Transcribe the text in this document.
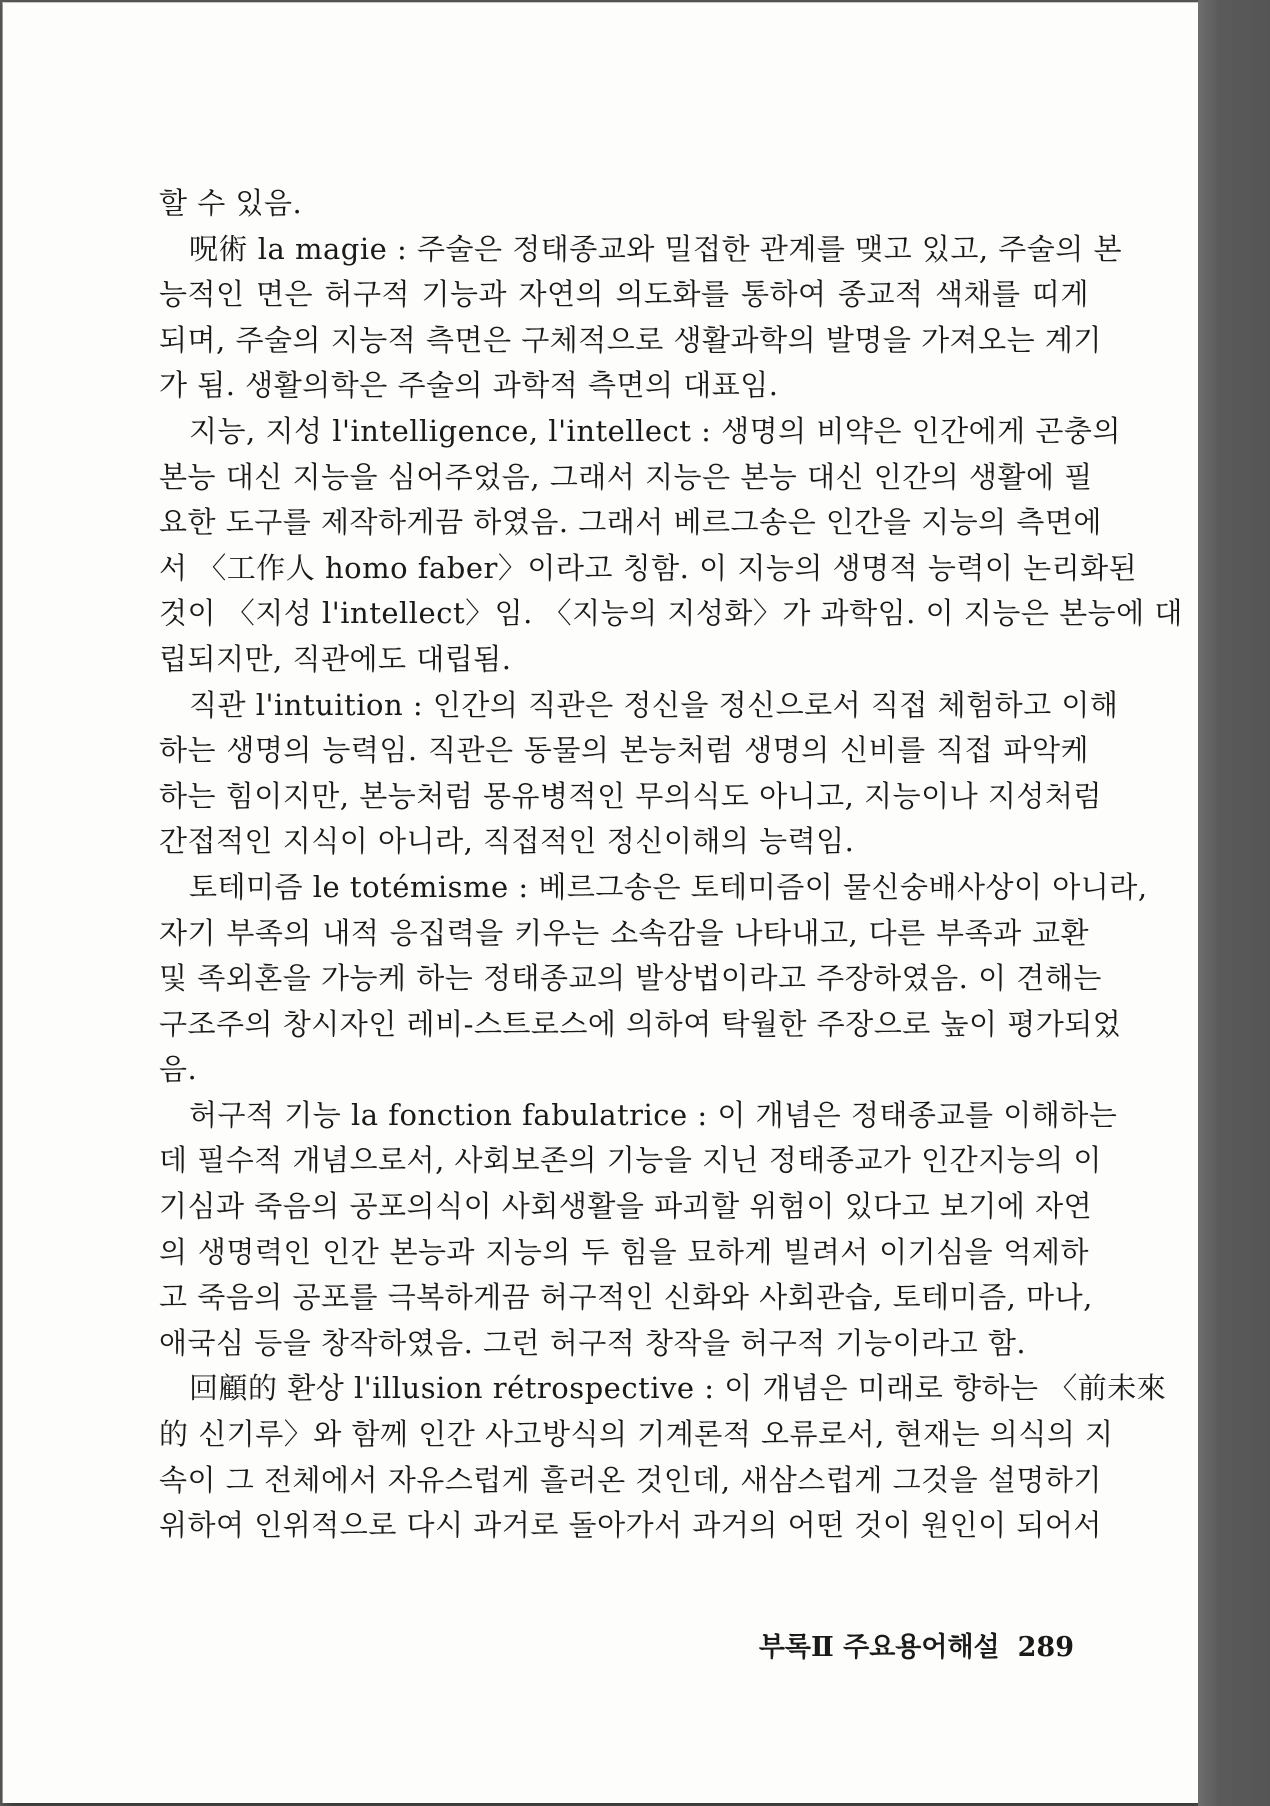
할 수 있음.
呪術 la magie : 주술은 정태종교와 밀접한 관계를 맺고 있고, 주술의 본
능적인 면은 허구적 기능과 자연의 의도화를 통하여 종교적 색채를 띠게
되며, 주술의 지능적 측면은 구체적으로 생활과학의 발명을 가져오는 계기
가 됨. 생활의학은 주술의 과학적 측면의 대표임.
지능, 지성 l'intelligence, l'intellect : 생명의 비약은 인간에게 곤충의
본능 대신 지능을 심어주었음, 그래서 지능은 본능 대신 인간의 생활에 필
요한 도구를 제작하게끔 하였음. 그래서 베르그송은 인간을 지능의 측면에
서 〈工作人 homo faber〉이라고 칭함. 이 지능의 생명적 능력이 논리화된
것이 〈지성 l'intellect〉임. 〈지능의 지성화〉가 과학임. 이 지능은 본능에 대
립되지만, 직관에도 대립됨.
직관 l'intuition : 인간의 직관은 정신을 정신으로서 직접 체험하고 이해
하는 생명의 능력임. 직관은 동물의 본능처럼 생명의 신비를 직접 파악케
하는 힘이지만, 본능처럼 몽유병적인 무의식도 아니고, 지능이나 지성처럼
간접적인 지식이 아니라, 직접적인 정신이해의 능력임.
토테미즘 le totémisme : 베르그송은 토테미즘이 물신숭배사상이 아니라,
자기 부족의 내적 응집력을 키우는 소속감을 나타내고, 다른 부족과 교환
및 족외혼을 가능케 하는 정태종교의 발상법이라고 주장하였음. 이 견해는
구조주의 창시자인 레비-스트로스에 의하여 탁월한 주장으로 높이 평가되었
음.
허구적 기능 la fonction fabulatrice : 이 개념은 정태종교를 이해하는
데 필수적 개념으로서, 사회보존의 기능을 지닌 정태종교가 인간지능의 이
기심과 죽음의 공포의식이 사회생활을 파괴할 위험이 있다고 보기에 자연
의 생명력인 인간 본능과 지능의 두 힘을 묘하게 빌려서 이기심을 억제하
고 죽음의 공포를 극복하게끔 허구적인 신화와 사회관습, 토테미즘, 마나,
애국심 등을 창작하였음. 그런 허구적 창작을 허구적 기능이라고 함.
回顧的 환상 l'illusion rétrospective : 이 개념은 미래로 향하는 〈前未來
的 신기루〉와 함께 인간 사고방식의 기계론적 오류로서, 현재는 의식의 지
속이 그 전체에서 자유스럽게 흘러온 것인데, 새삼스럽게 그것을 설명하기
위하여 인위적으로 다시 과거로 돌아가서 과거의 어떤 것이 원인이 되어서
부록Ⅱ 주요용어해설 289
